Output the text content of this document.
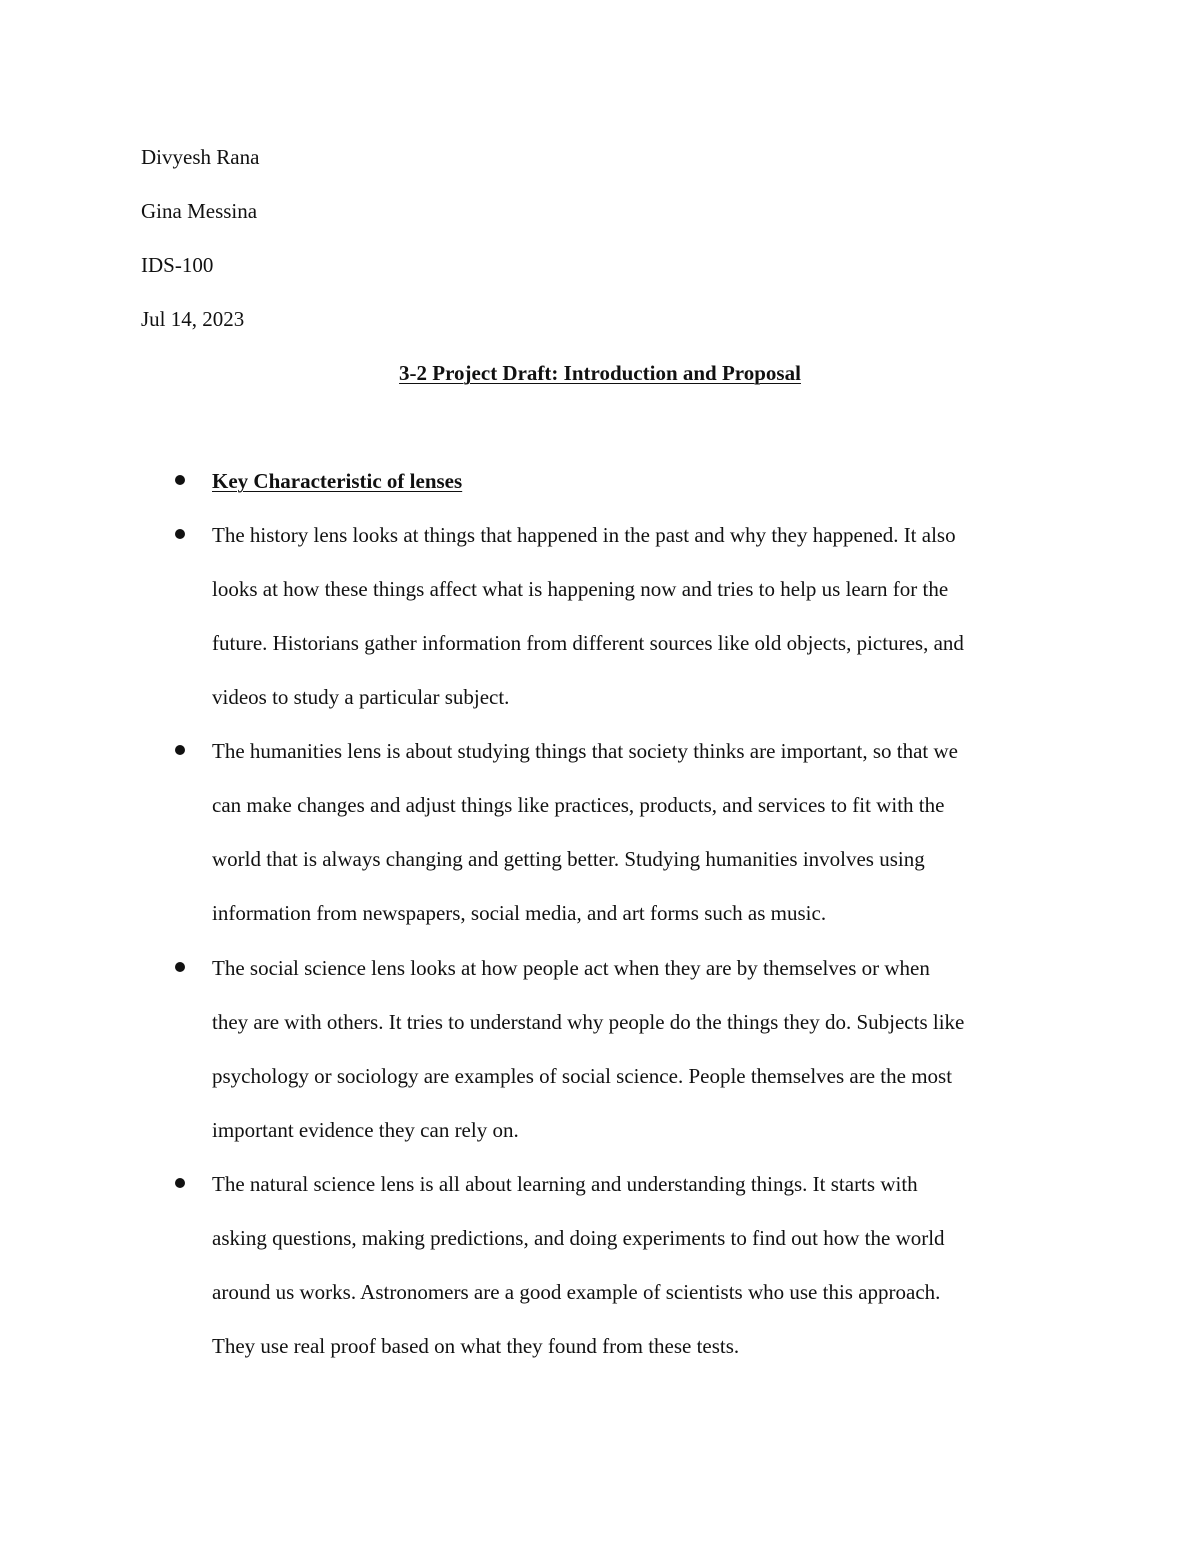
Divyesh Rana
Gina Messina
IDS-100
Jul 14, 2023
3-2 Project Draft: Introduction and Proposal
Key Characteristic of lenses
The history lens looks at things that happened in the past and why they happened. It also
looks at how these things affect what is happening now and tries to help us learn for the
future. Historians gather information from different sources like old objects, pictures, and
videos to study a particular subject.
The humanities lens is about studying things that society thinks are important, so that we
can make changes and adjust things like practices, products, and services to fit with the
world that is always changing and getting better. Studying humanities involves using
information from newspapers, social media, and art forms such as music.
The social science lens looks at how people act when they are by themselves or when
they are with others. It tries to understand why people do the things they do. Subjects like
psychology or sociology are examples of social science. People themselves are the most
important evidence they can rely on.
The natural science lens is all about learning and understanding things. It starts with
asking questions, making predictions, and doing experiments to find out how the world
around us works. Astronomers are a good example of scientists who use this approach.
They use real proof based on what they found from these tests.
